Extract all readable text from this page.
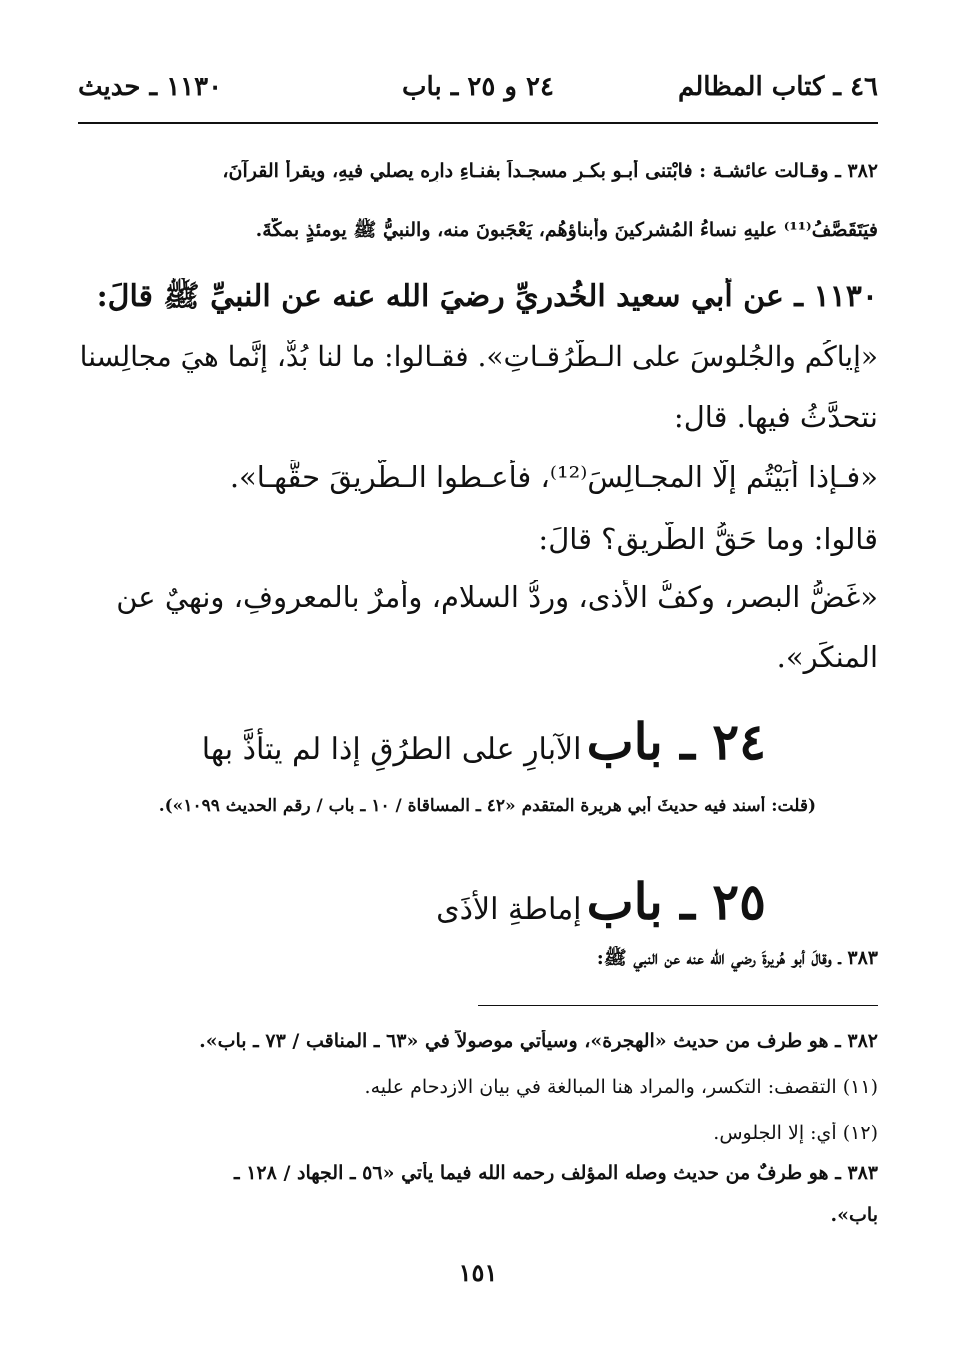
٤٦ ـ كتاب المظالم
٢٤ و ٢٥ ـ باب
١١٣٠ ـ حديث
٣٨٢ ـ وقـالت عائشـة : فابْتنى أبـو بكـرٍ مسجـداً بفنـاءِ دارِه يصلي فيهِ، ويقرأُ القرآنَ،
فيَتَقَصَّفُ⁽¹¹⁾ عليهِ نساءُ المُشركينَ وأبناؤهُم، يَعْجَبونَ منه، والنبيُّ ﷺ يومئذٍ بمكّةَ.
١١٣٠ ـ عن أبي سعيد الخُدريِّ رضيَ الله عنه عن النبيِّ ﷺ قالَ:
«إياكُم والجُلوسَ على الـطُّرُقـاتِ». فقـالوا: ما لنا بُدٌّ، إنَّما هيَ مجالِسنا
نتحدَّثُ فيها. قال:
«فـإذا أبَيْتُم إلَّا المجـالِسَ⁽¹²⁾، فأعـطوا الـطَّريقَ حقَّهـا».
قالوا: وما حَقُّ الطَّريقِ؟ قالَ:
«غَضُّ البصرِ، وكفُّ الأذى، وردُّ السلامِ، وأمرٌ بالمعروفِ، ونهيٌ عن
المنكَرِ».
٢٤ ـ باب الآبارِ على الطرُقِ إذا لم يتأذَّ بها
(قلت: أسند فيه حديثَ أبي هريرة المتقدم «٤٢ ـ المساقاة / ١٠ ـ باب / رقم الحديث ١٠٩٩»).
٢٥ ـ باب إماطةِ الأذَى
٣٨٣ ـ وقالَ أبو هُريرةَ رضي الله عنه عن النبي ﷺ:
٣٨٢ ـ هو طرف من حديث «الهجرة»، وسيأتي موصولاً في «٦٣ ـ المناقب / ٧٣ ـ باب».
(١١) التقصف: التكسر، والمراد هنا المبالغة في بيان الازدحام عليه.
(١٢) أي: إلا الجلوس.
٣٨٣ ـ هو طرفٌ من حديث وصله المؤلف رحمه الله فيما يأتي «٥٦ ـ الجهاد / ١٢٨ ـ
باب».
١٥١
